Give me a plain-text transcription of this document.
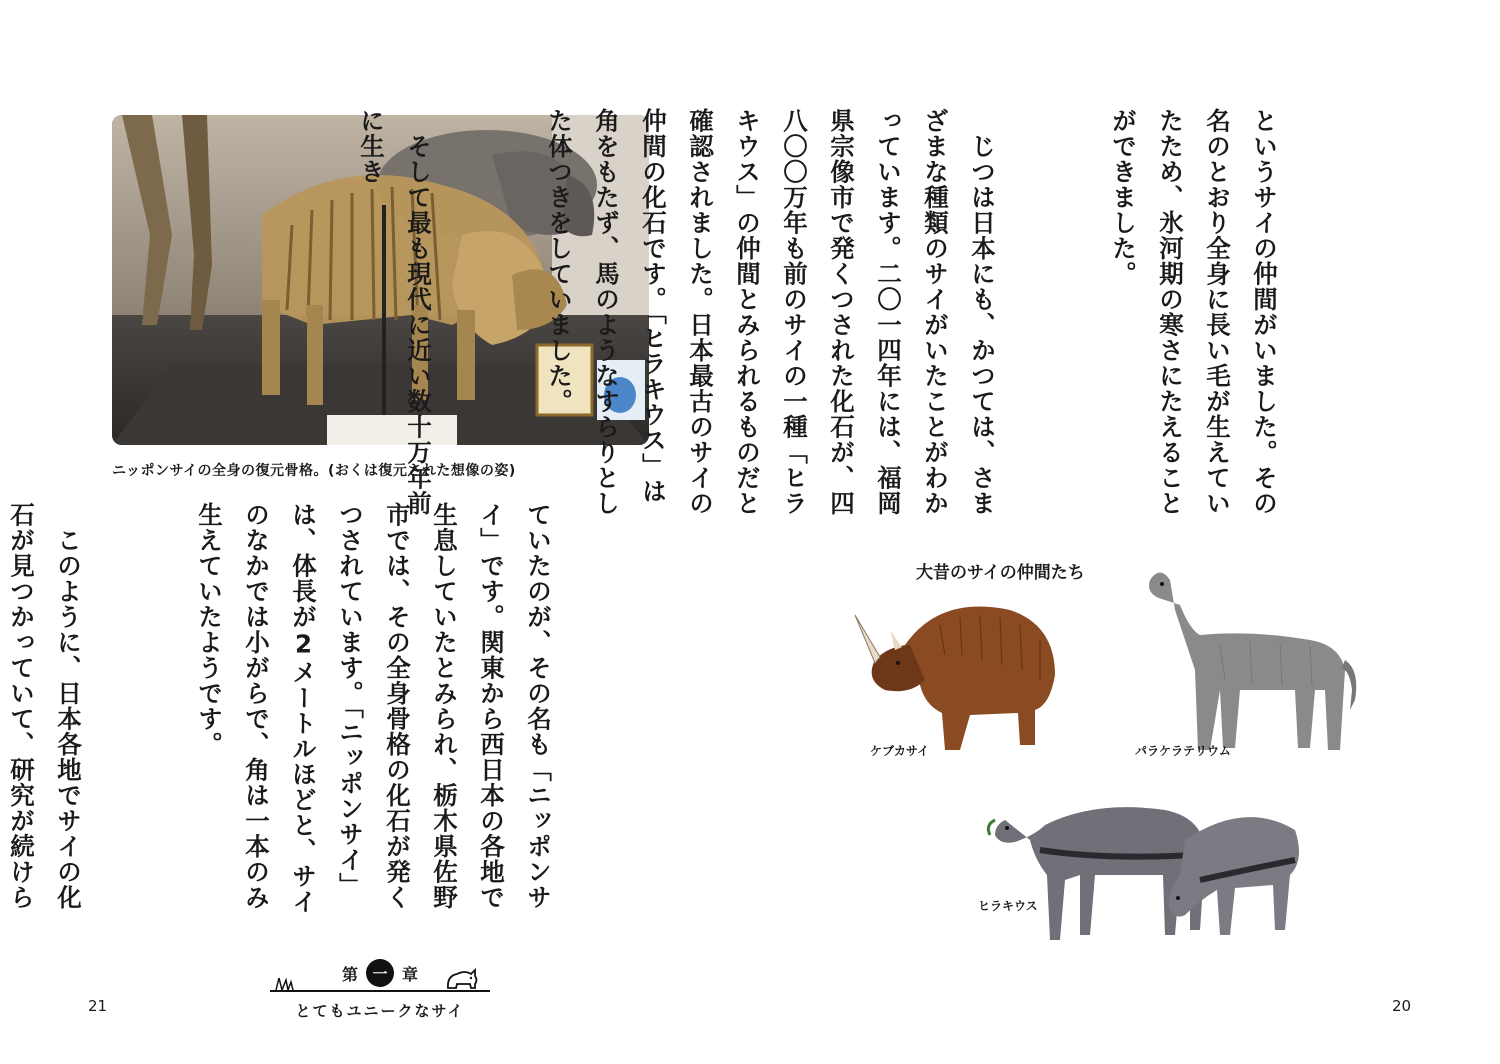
ニッポンサイの全身の復元骨格。(おくは復元された想像の姿)

ていたのが、その名も「ニッポンサイ」です。関東から西日本の各地で生息していたとみられ、栃木県佐野市では、その全身骨格の化石が発くつされています。「ニッポンサイ」は、体長が2メートルほどと、サイのなかでは小がらで、角は一本のみ生えていたようです。

　このように、日本各地でサイの化石が見つかっていて、研究が続けら

第 一 章
とてもユニークなサイ
21

というサイの仲間がいました。その名のとおり全身に長い毛が生えていたため、氷河期の寒さにたえることができました。

　じつは日本にも、かつては、さまざまな種類のサイがいたことがわかっています。二〇一四年には、福岡県宗像市で発くつされた化石が、四八〇〇万年も前のサイの一種「ヒラキウス」の仲間とみられるものだと確認されました。日本最古のサイの仲間の化石です。「ヒラキウス」は角をもたず、馬のようなすらりとした体つきをしていました。

　そして最も現代に近い数十万年前に生き

大昔のサイの仲間たち
ケブカサイ	パラケラテリウム
ヒラキウス
20
